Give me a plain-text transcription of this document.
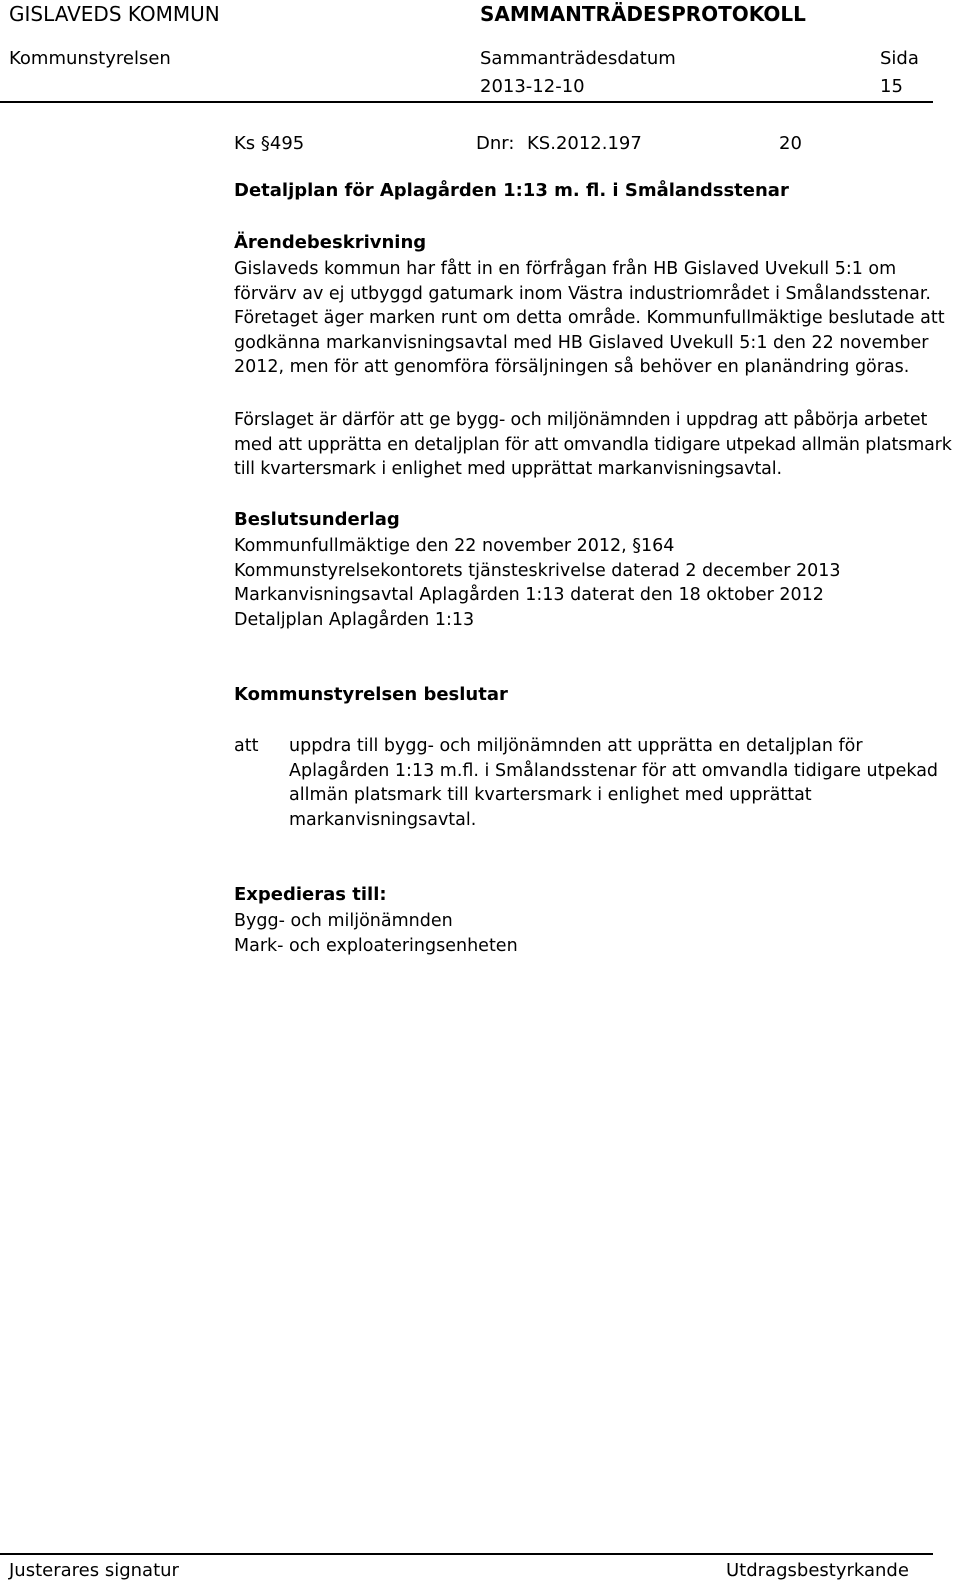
GISLAVEDS KOMMUN	SAMMANTRÄDESPROTOKOLL
Kommunstyrelsen	Sammanträdesdatum
2013-12-10
Sida
15
Ks §495	Dnr: KS.2012.197	20
Detaljplan för Aplagården 1:13 m. fl. i Smålandsstenar
Ärendebeskrivning
Gislaveds kommun har fått in en förfrågan från HB Gislaved Uvekull 5:1 om
förvärv av ej utbyggd gatumark inom Västra industriområdet i Smålandsstenar.
Företaget äger marken runt om detta område. Kommunfullmäktige beslutade att
godkänna markanvisningsavtal med HB Gislaved Uvekull 5:1 den 22 november
2012, men för att genomföra försäljningen så behöver en planändring göras.
Förslaget är därför att ge bygg- och miljönämnden i uppdrag att påbörja arbetet
med att upprätta en detaljplan för att omvandla tidigare utpekad allmän platsmark
till kvartersmark i enlighet med upprättat markanvisningsavtal.
Beslutsunderlag
Kommunfullmäktige den 22 november 2012, §164
Kommunstyrelsekontorets tjänsteskrivelse daterad 2 december 2013
Markanvisningsavtal Aplagården 1:13 daterat den 18 oktober 2012
Detaljplan Aplagården 1:13
Kommunstyrelsen beslutar
att uppdra till bygg- och miljönämnden att upprätta en detaljplan för
Aplagården 1:13 m.fl. i Smålandsstenar för att omvandla tidigare utpekad
allmän platsmark till kvartersmark i enlighet med upprättat
markanvisningsavtal.
Expedieras till:
Bygg- och miljönämnden
Mark- och exploateringsenheten
Justerares signatur	Utdragsbestyrkande
